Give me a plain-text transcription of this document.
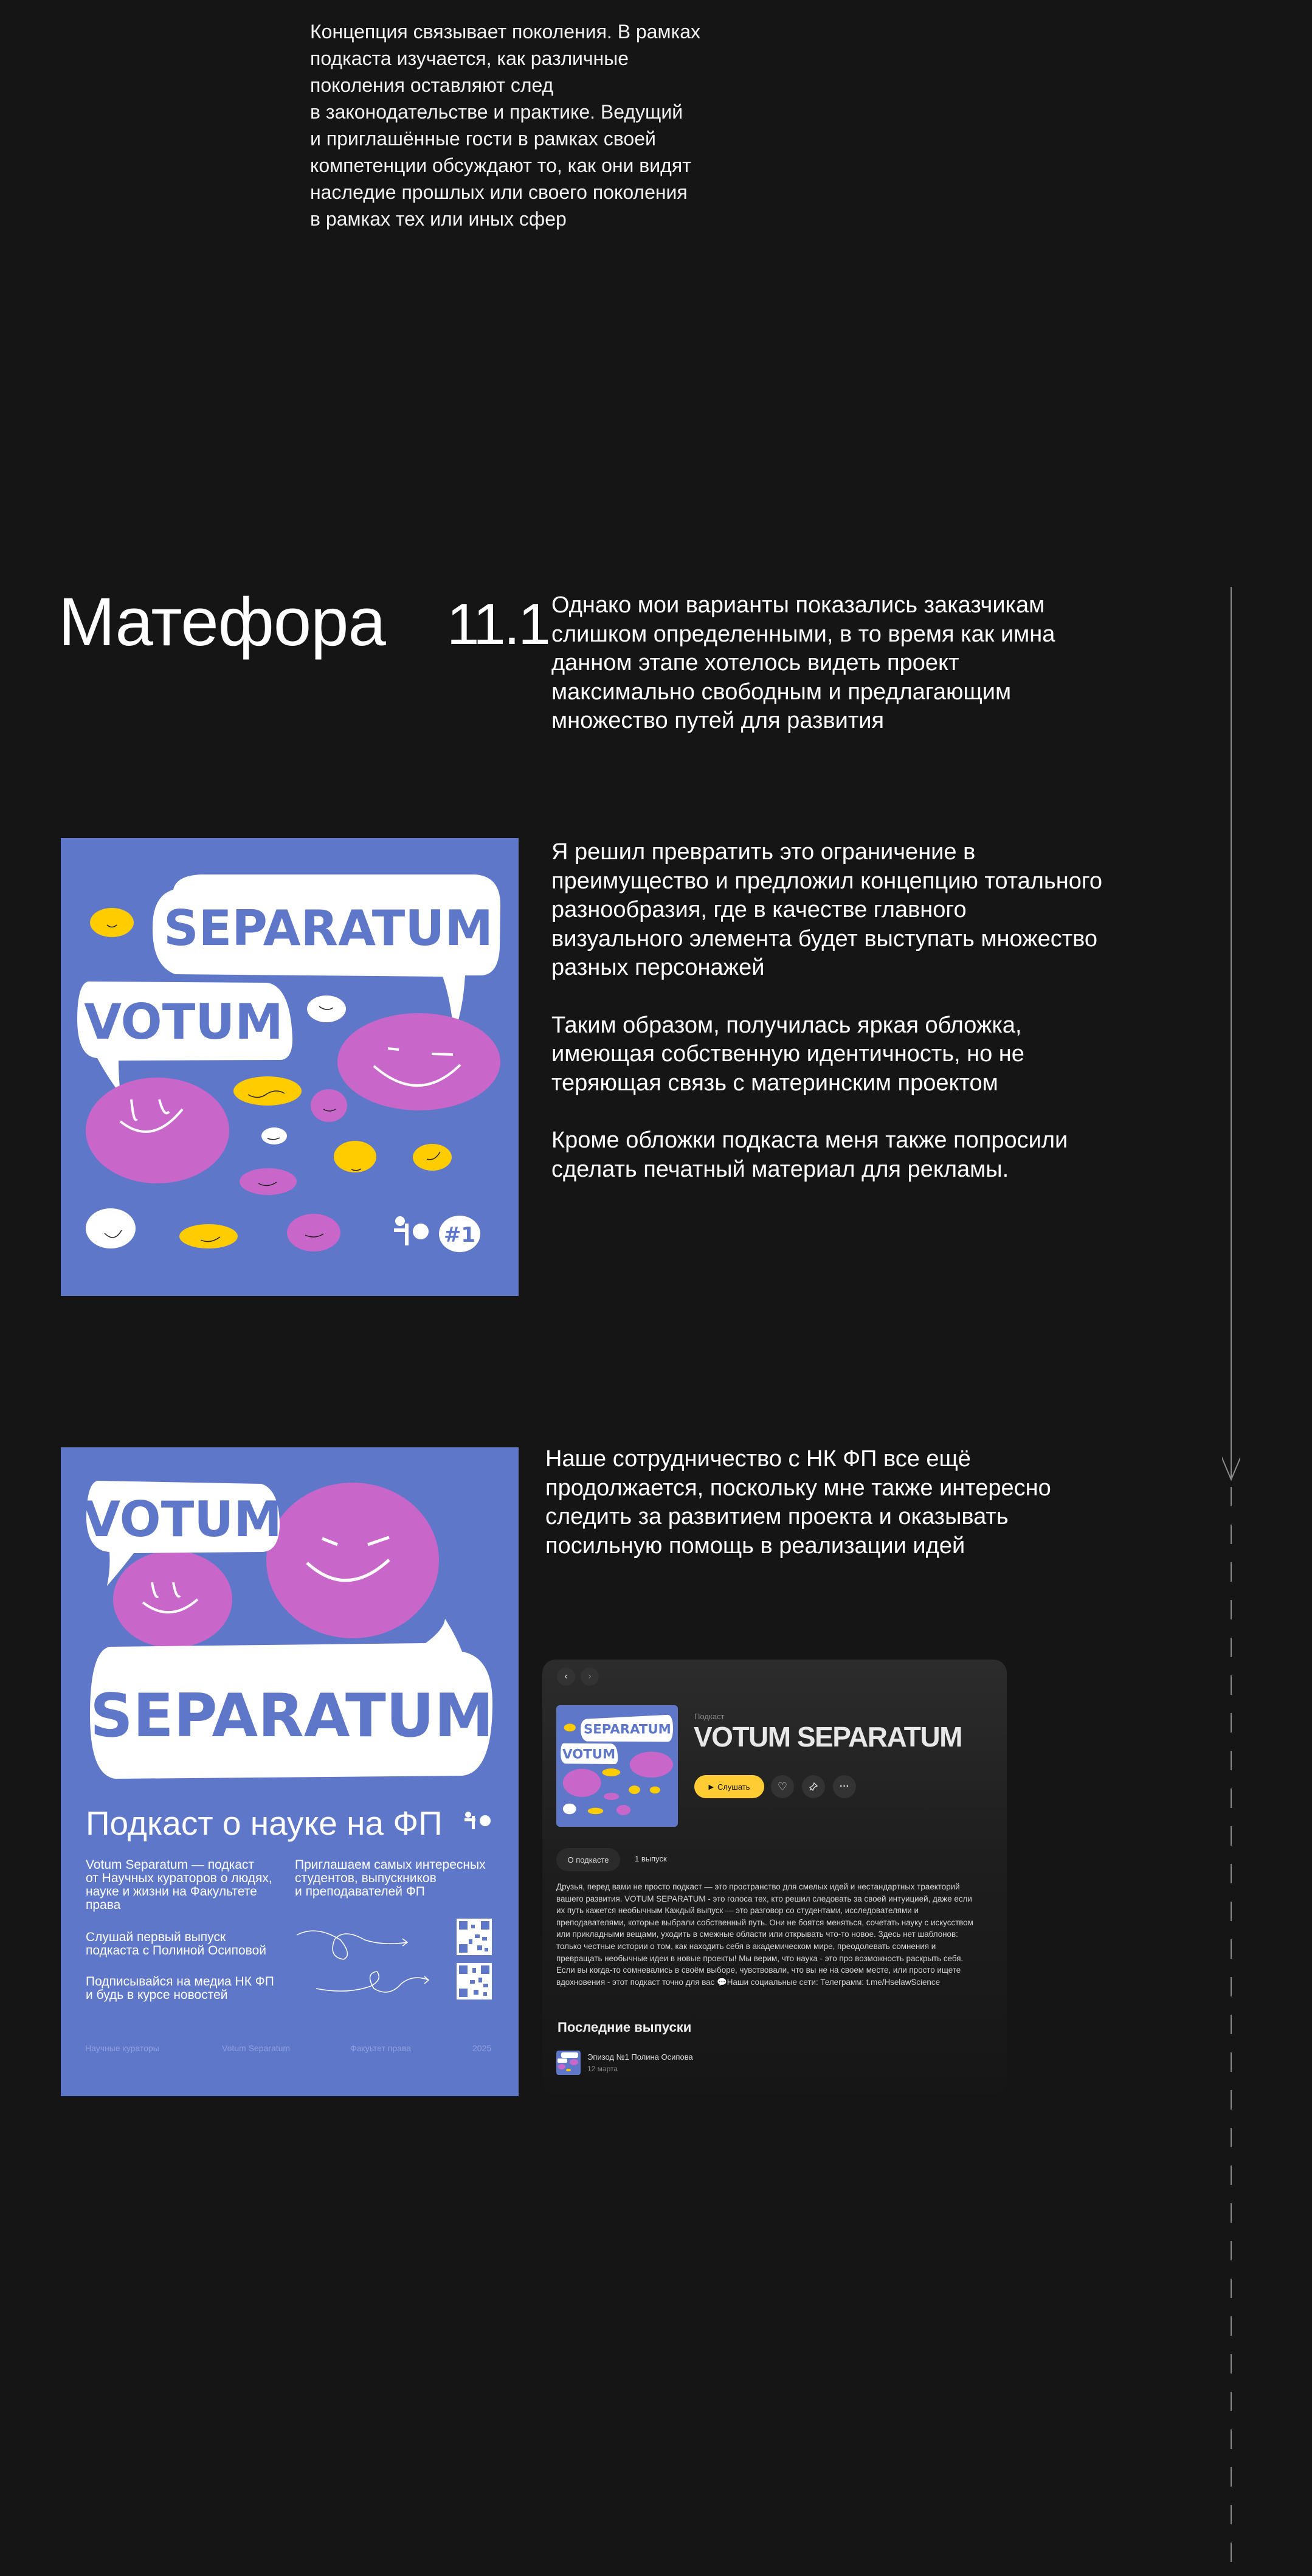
Концепция связывает поколения. В рамках
подкаста изучается, как различные
поколения оставляют след
в законодательстве и практике. Ведущий
и приглашённые гости в рамках своей
компетенции обсуждают то, как они видят
наследие прошлых или своего поколения
в рамках тех или иных сфер
Матефора 11.1 Однако мои варианты показались заказчикам
слишком определенными, в то время как имна
данном этапе хотелось видеть проект
максимально свободным и предлагающим
множество путей для развития
SEPARATUM
VOTUM
#1
Я решил превратить это ограничение в
преимущество и предложил концепцию тотального
разнообразия, где в качестве главного
визуального элемента будет выступать множество
разных персонажей
Таким образом, получилась яркая обложка,
имеющая собственную идентичность, но не
теряющая связь с материнским проектом
Кроме обложки подкаста меня также попросили
сделать печатный материал для рекламы.
VOTUM
SEPARATUM
Подкаст о науке на ФП
Votum Separatum — подкаст
от Научных кураторов о людях,
науке и жизни на Факультете
права
Приглашаем самых интересных
студентов, выпускников
и преподавателей ФП
Слушай первый выпуск
подкаста с Полиной Осиповой
Подписывайся на медиа НК ФП
и будь в курсе новостей
Научные кураторы	Votum Separatum	Факуьтет права	2025
Наше сотрудничество с НК ФП все ещё
продолжается, поскольку мне также интересно
следить за развитием проекта и оказывать
посильную помощь в реализации идей
‹ ›
SEPARATUM
VOTUM
Подкаст
VOTUM SEPARATUM
▶ Слушать	♡	···
О подкасте	1 выпуск
Друзья, перед вами не просто подкаст — это пространство для смелых идей и нестандартных траекторий вашего развития. VOTUM SEPARATUM - это голоса тех, кто решил следовать за своей интуицией, даже если их путь кажется необычным Каждый выпуск — это разговор со студентами, исследователями и преподавателями, которые выбрали собственный путь. Они не боятся меняться, сочетать науку с искусством или прикладными вещами, уходить в смежные области или открывать что-то новое. Здесь нет шаблонов: только честные истории о том, как находить себя в академическом мире, преодолевать сомнения и превращать необычные идеи в новые проекты! Мы верим, что наука - это про возможность раскрыть себя. Если вы когда-то сомневались в своём выборе, чувствовали, что вы не на своем месте, или просто ищете вдохновения - этот подкаст точно для вас 💬Наши социальные сети: Телеграмм: t.me/HselawScience
Последние выпуски
Эпизод №1 Полина Осипова
12 марта
